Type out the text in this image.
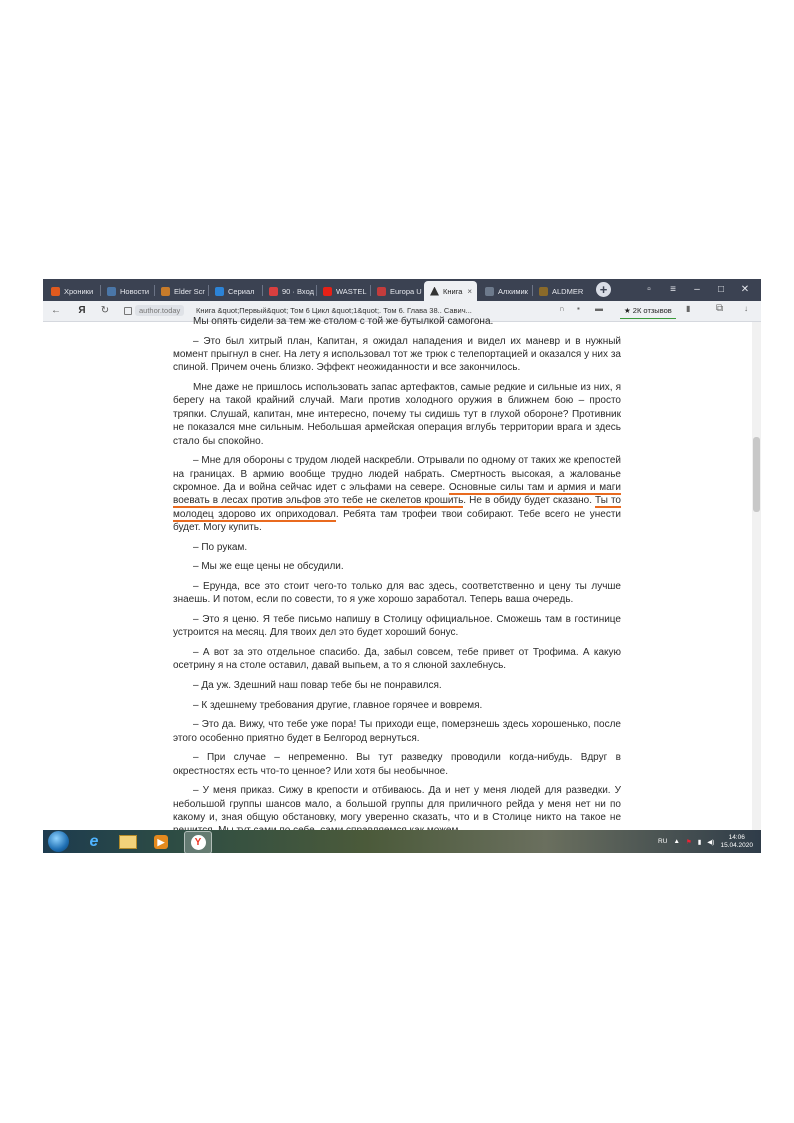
Хроники	Новости	Elder Scr	Сериал	90 · Вход	WASTEL	Europa U	Книга ×	Алхимик	ALDMER +	▫	≡	–	□	✕
←	Я	↻	author.today	Книга &quot;Первый&quot; Том 6 Цикл &quot;1&quot;. Том 6. Глава 38.. Савич...	∩ ▪ ▬	★ 2К отзывов	▮	⧉	↓

Мы опять сидели за тем же столом с той же бутылкой самогона.

– Это был хитрый план, Капитан, я ожидал нападения и видел их маневр и в нужный момент прыгнул в снег. На лету я использовал тот же трюк с телепортацией и оказался у них за спиной. Причем очень близко. Эффект неожиданности и все закончилось.

Мне даже не пришлось использовать запас артефактов, самые редкие и сильные из них, я берегу на такой крайний случай. Маги против холодного оружия в ближнем бою – просто тряпки. Слушай, капитан, мне интересно, почему ты сидишь тут в глухой обороне? Противник не показался мне сильным. Небольшая армейская операция вглубь территории врага и здесь стало бы спокойно.

– Мне для обороны с трудом людей наскребли. Отрывали по одному от таких же крепостей на границах. В армию вообще трудно людей набрать. Смертность высокая, а жалованье скромное. Да и война сейчас идет с эльфами на севере. Основные силы там и армия и маги воевать в лесах против эльфов это тебе не скелетов крошить. Не в обиду будет сказано. Ты то молодец здорово их оприходовал. Ребята там трофеи твои собирают. Тебе всего не унести будет. Могу купить.

– По рукам.

– Мы же еще цены не обсудили.

– Ерунда, все это стоит чего-то только для вас здесь, соответственно и цену ты лучше знаешь. И потом, если по совести, то я уже хорошо заработал. Теперь ваша очередь.

– Это я ценю. Я тебе письмо напишу в Столицу официальное. Сможешь там в гостинице устроится на месяц. Для твоих дел это будет хороший бонус.

– А вот за это отдельное спасибо. Да, забыл совсем, тебе привет от Трофима. А какую осетрину я на столе оставил, давай выпьем, а то я слюной захлебнусь.

– Да уж. Здешний наш повар тебе бы не понравился.

– К здешнему требования другие, главное горячее и вовремя.

– Это да. Вижу, что тебе уже пора! Ты приходи еще, померзнешь здесь хорошенько, после этого особенно приятно будет в Белгород вернуться.

– При случае – непременно. Вы тут разведку проводили когда-нибудь. Вдруг в окрестностях есть что-то ценное? Или хотя бы необычное.

– У меня приказ. Сижу в крепости и отбиваюсь. Да и нет у меня людей для разведки. У небольшой группы шансов мало, а большой группы для приличного рейда у меня нет ни по какому и, зная общую обстановку, могу уверенно сказать, что и в Столице никто на такое не

e	▶	Y	RU ▲ ⚑ ▮ ◀)
14:06
15.04.2020
